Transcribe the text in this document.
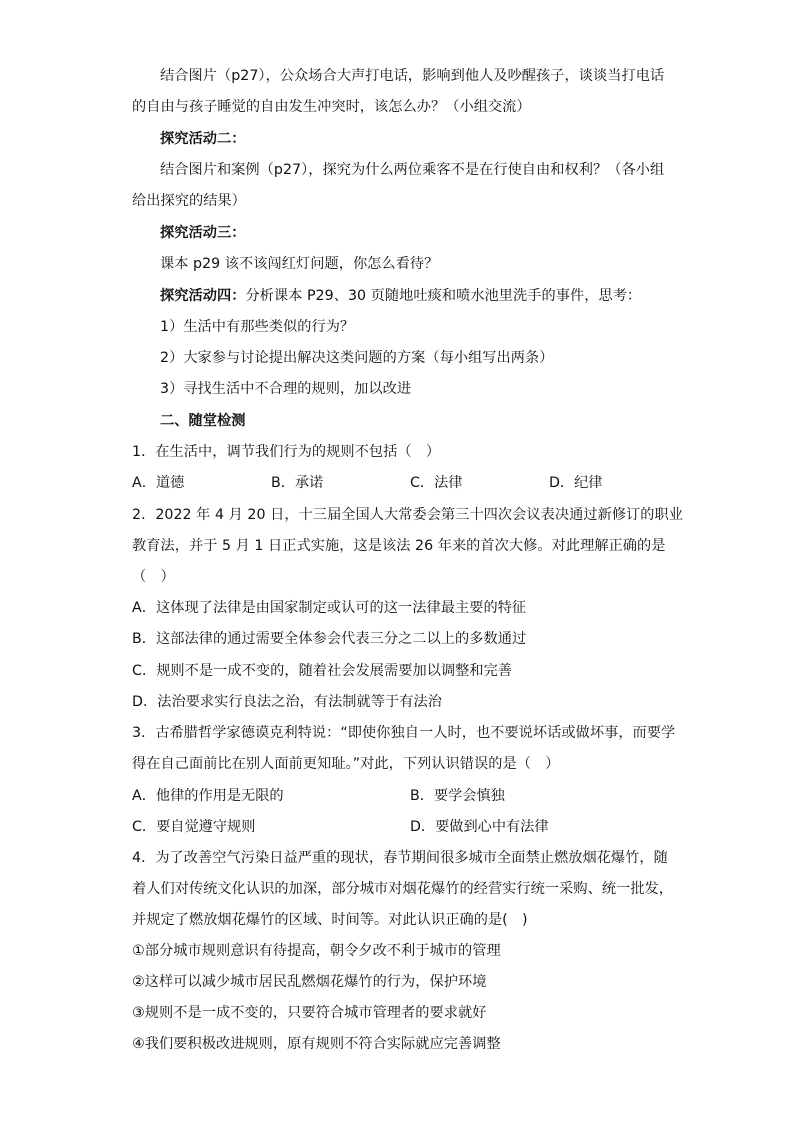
结合图片（p27），公众场合大声打电话，影响到他人及吵醒孩子，谈谈当打电话
的自由与孩子睡觉的自由发生冲突时，该怎么办？（小组交流）
探究活动二：
结合图片和案例（p27），探究为什么两位乘客不是在行使自由和权利？（各小组
给出探究的结果）
探究活动三：
课本 p29 该不该闯红灯问题，你怎么看待？
探究活动四：分析课本 P29、30 页随地吐痰和喷水池里洗手的事件，思考：
1）生活中有那些类似的行为？
2）大家参与讨论提出解决这类问题的方案（每小组写出两条）
3）寻找生活中不合理的规则，加以改进
二、随堂检测
1．在生活中，调节我们行为的规则不包括（　）
A．道德	B．承诺	C．法律	D．纪律
2．2022 年 4 月 20 日，十三届全国人大常委会第三十四次会议表决通过新修订的职业
教育法，并于 5 月 1 日正式实施，这是该法 26 年来的首次大修。对此理解正确的是
（　）
A．这体现了法律是由国家制定或认可的这一法律最主要的特征
B．这部法律的通过需要全体参会代表三分之二以上的多数通过
C．规则不是一成不变的，随着社会发展需要加以调整和完善
D．法治要求实行良法之治，有法制就等于有法治
3．古希腊哲学家德谟克利特说：“即使你独自一人时，也不要说坏话或做坏事，而要学
得在自己面前比在别人面前更知耻。”对此，下列认识错误的是（　）
A．他律的作用是无限的	B．要学会慎独
C．要自觉遵守规则	D．要做到心中有法律
4．为了改善空气污染日益严重的现状，春节期间很多城市全面禁止燃放烟花爆竹，随
着人们对传统文化认识的加深，部分城市对烟花爆竹的经营实行统一采购、统一批发，
并规定了燃放烟花爆竹的区域、时间等。对此认识正确的是(　)
①部分城市规则意识有待提高，朝令夕改不利于城市的管理
②这样可以减少城市居民乱燃烟花爆竹的行为，保护环境
③规则不是一成不变的，只要符合城市管理者的要求就好
④我们要积极改进规则，原有规则不符合实际就应完善调整
